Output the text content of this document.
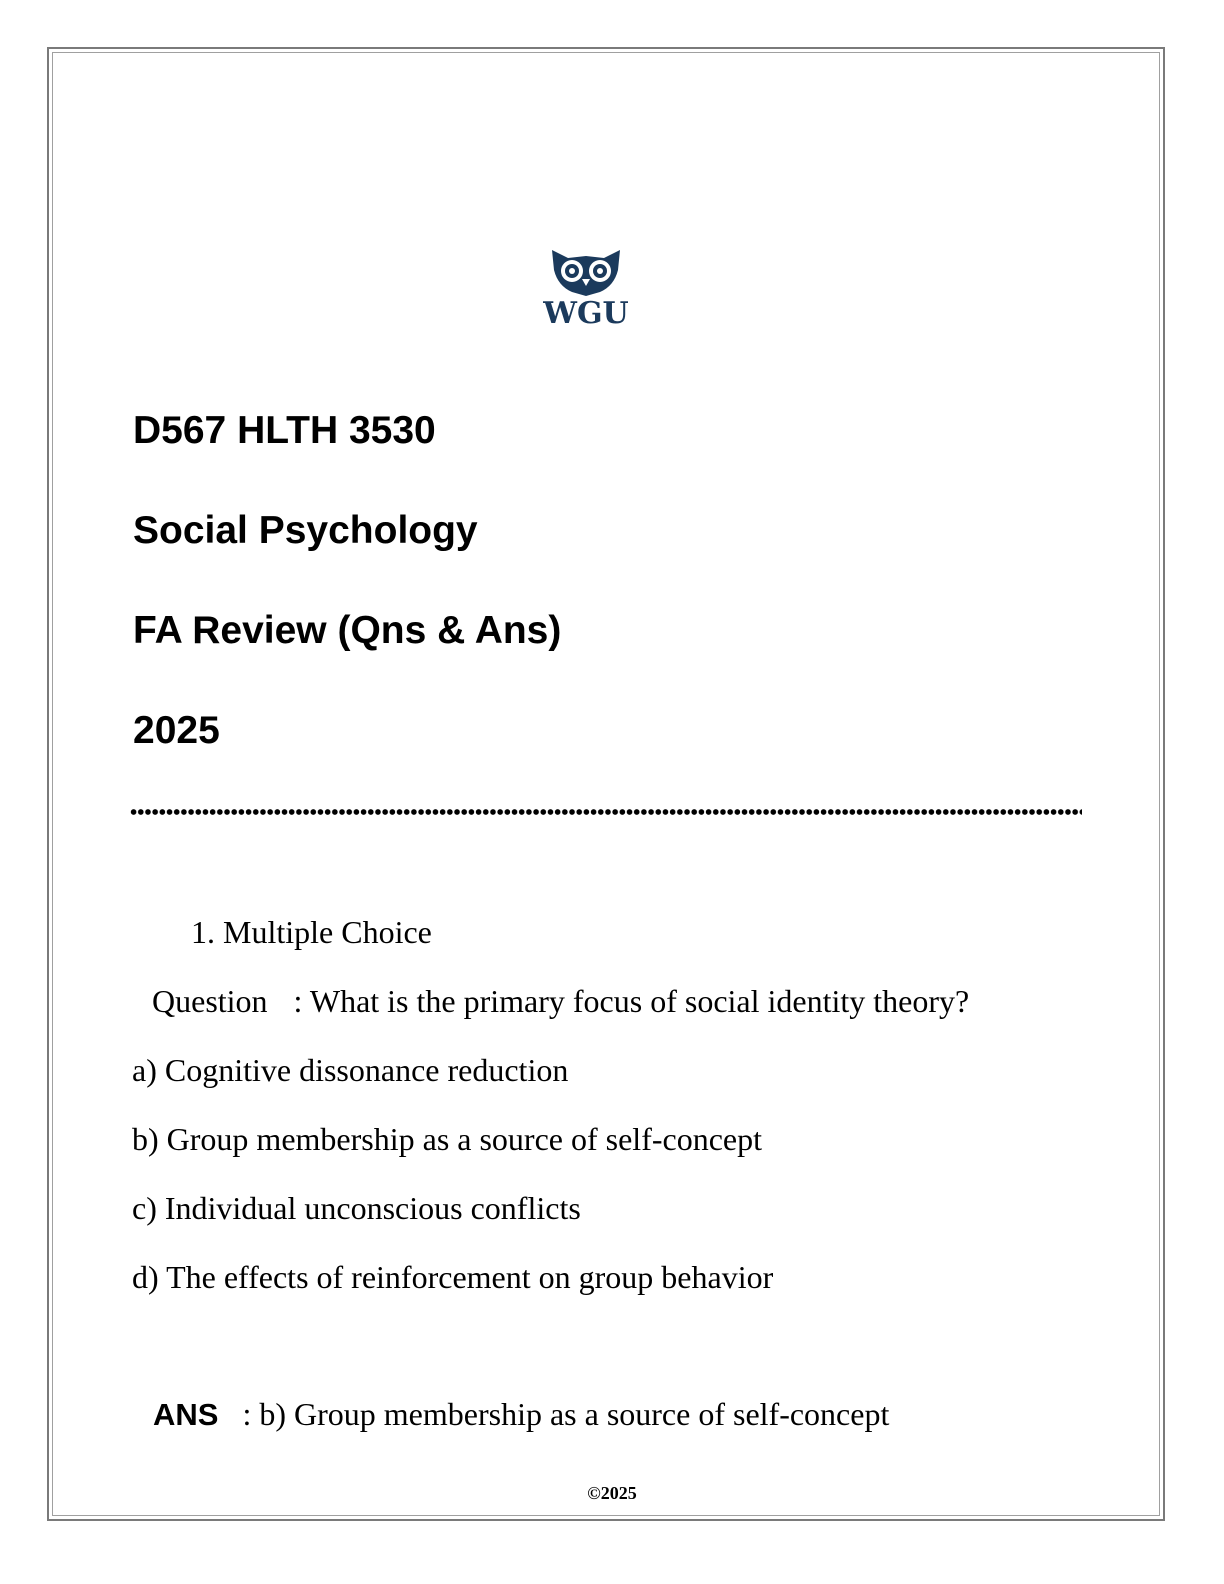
WGU
D567 HLTH 3530
Social Psychology
FA Review (Qns & Ans)
2025
1. Multiple Choice
Question : What is the primary focus of social identity theory?
a) Cognitive dissonance reduction
b) Group membership as a source of self-concept
c) Individual unconscious conflicts
d) The effects of reinforcement on group behavior
ANS : b) Group membership as a source of self-concept
©2025
